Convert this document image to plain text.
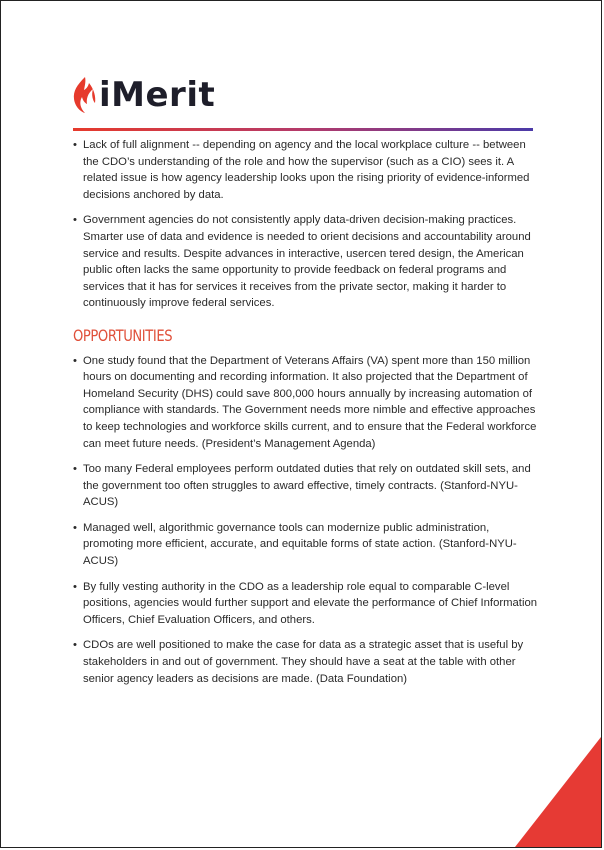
iMerit
• Lack of full alignment -- depending on agency and the local workplace culture -- between the CDO’s understanding of the role and how the supervisor (such as a CIO) sees it. A related issue is how agency leadership looks upon the rising priority of evidence-informed decisions anchored by data.
• Government agencies do not consistently apply data-driven decision-making practices. Smarter use of data and evidence is needed to orient decisions and accountability around service and results. Despite advances in interactive, usercen tered design, the American public often lacks the same opportunity to provide feedback on federal programs and services that it has for services it receives from the private sector, making it harder to continuously improve federal services.
OPPORTUNITIES
• One study found that the Department of Veterans Affairs (VA) spent more than 150 million hours on documenting and recording information. It also projected that the Department of Homeland Security (DHS) could save 800,000 hours annually by increasing automation of compliance with standards. The Government needs more nimble and effective approaches to keep technologies and workforce skills current, and to ensure that the Federal workforce can meet future needs. (President’s Management Agenda)
• Too many Federal employees perform outdated duties that rely on outdated skill sets, and the government too often struggles to award effective, timely contracts. (Stanford-NYU-ACUS)
• Managed well, algorithmic governance tools can modernize public administration, promoting more efficient, accurate, and equitable forms of state action. (Stanford-NYU-ACUS)
• By fully vesting authority in the CDO as a leadership role equal to comparable C-level positions, agencies would further support and elevate the performance of Chief Information Officers, Chief Evaluation Officers, and others.
• CDOs are well positioned to make the case for data as a strategic asset that is useful by stakeholders in and out of government. They should have a seat at the table with other senior agency leaders as decisions are made. (Data Foundation)
